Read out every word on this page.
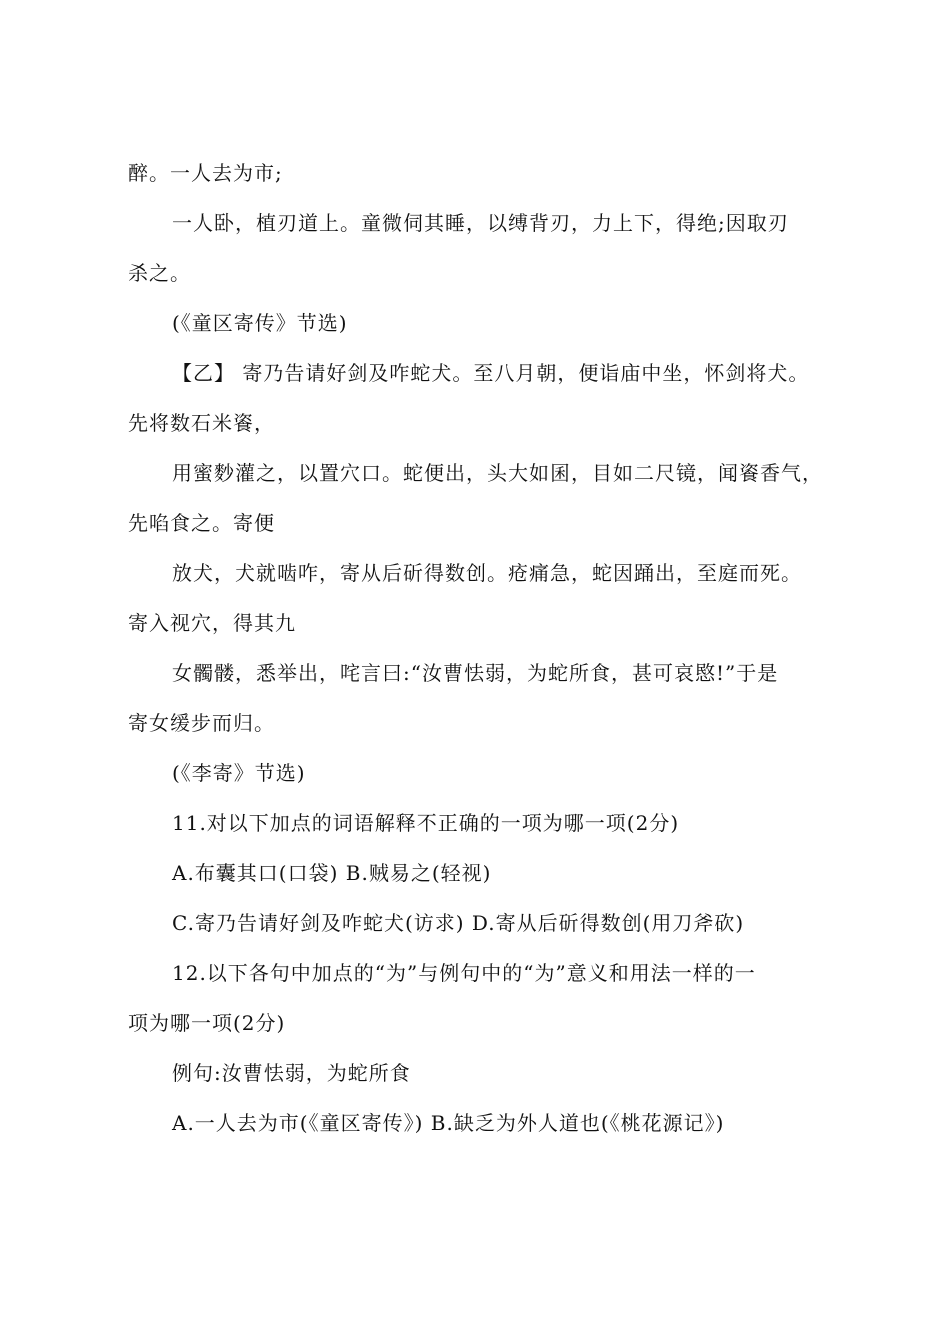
醉。一人去为市;
一人卧，植刃道上。童微伺其睡，以缚背刃，力上下，得绝;因取刃
杀之。
(《童区寄传》节选)
【乙】 寄乃告请好剑及咋蛇犬。至八月朝，便诣庙中坐，怀剑将犬。
先将数石米餈，
用蜜麨灌之，以置穴口。蛇便出，头大如囷，目如二尺镜，闻餈香气，
先啗食之。寄便
放犬，犬就啮咋，寄从后斫得数创。疮痛急，蛇因踊出，至庭而死。
寄入视穴，得其九
女髑髅，悉举出，咤言曰:“汝曹怯弱，为蛇所食，甚可哀愍!”于是
寄女缓步而归。
(《李寄》节选)
11.对以下加点的词语解释不正确的一项为哪一项(2分)
A.布囊其口(口袋) B.贼易之(轻视)
C.寄乃告请好剑及咋蛇犬(访求) D.寄从后斫得数创(用刀斧砍)
12.以下各句中加点的“为”与例句中的“为”意义和用法一样的一
项为哪一项(2分)
例句:汝曹怯弱，为蛇所食
A.一人去为市(《童区寄传》) B.缺乏为外人道也(《桃花源记》)
